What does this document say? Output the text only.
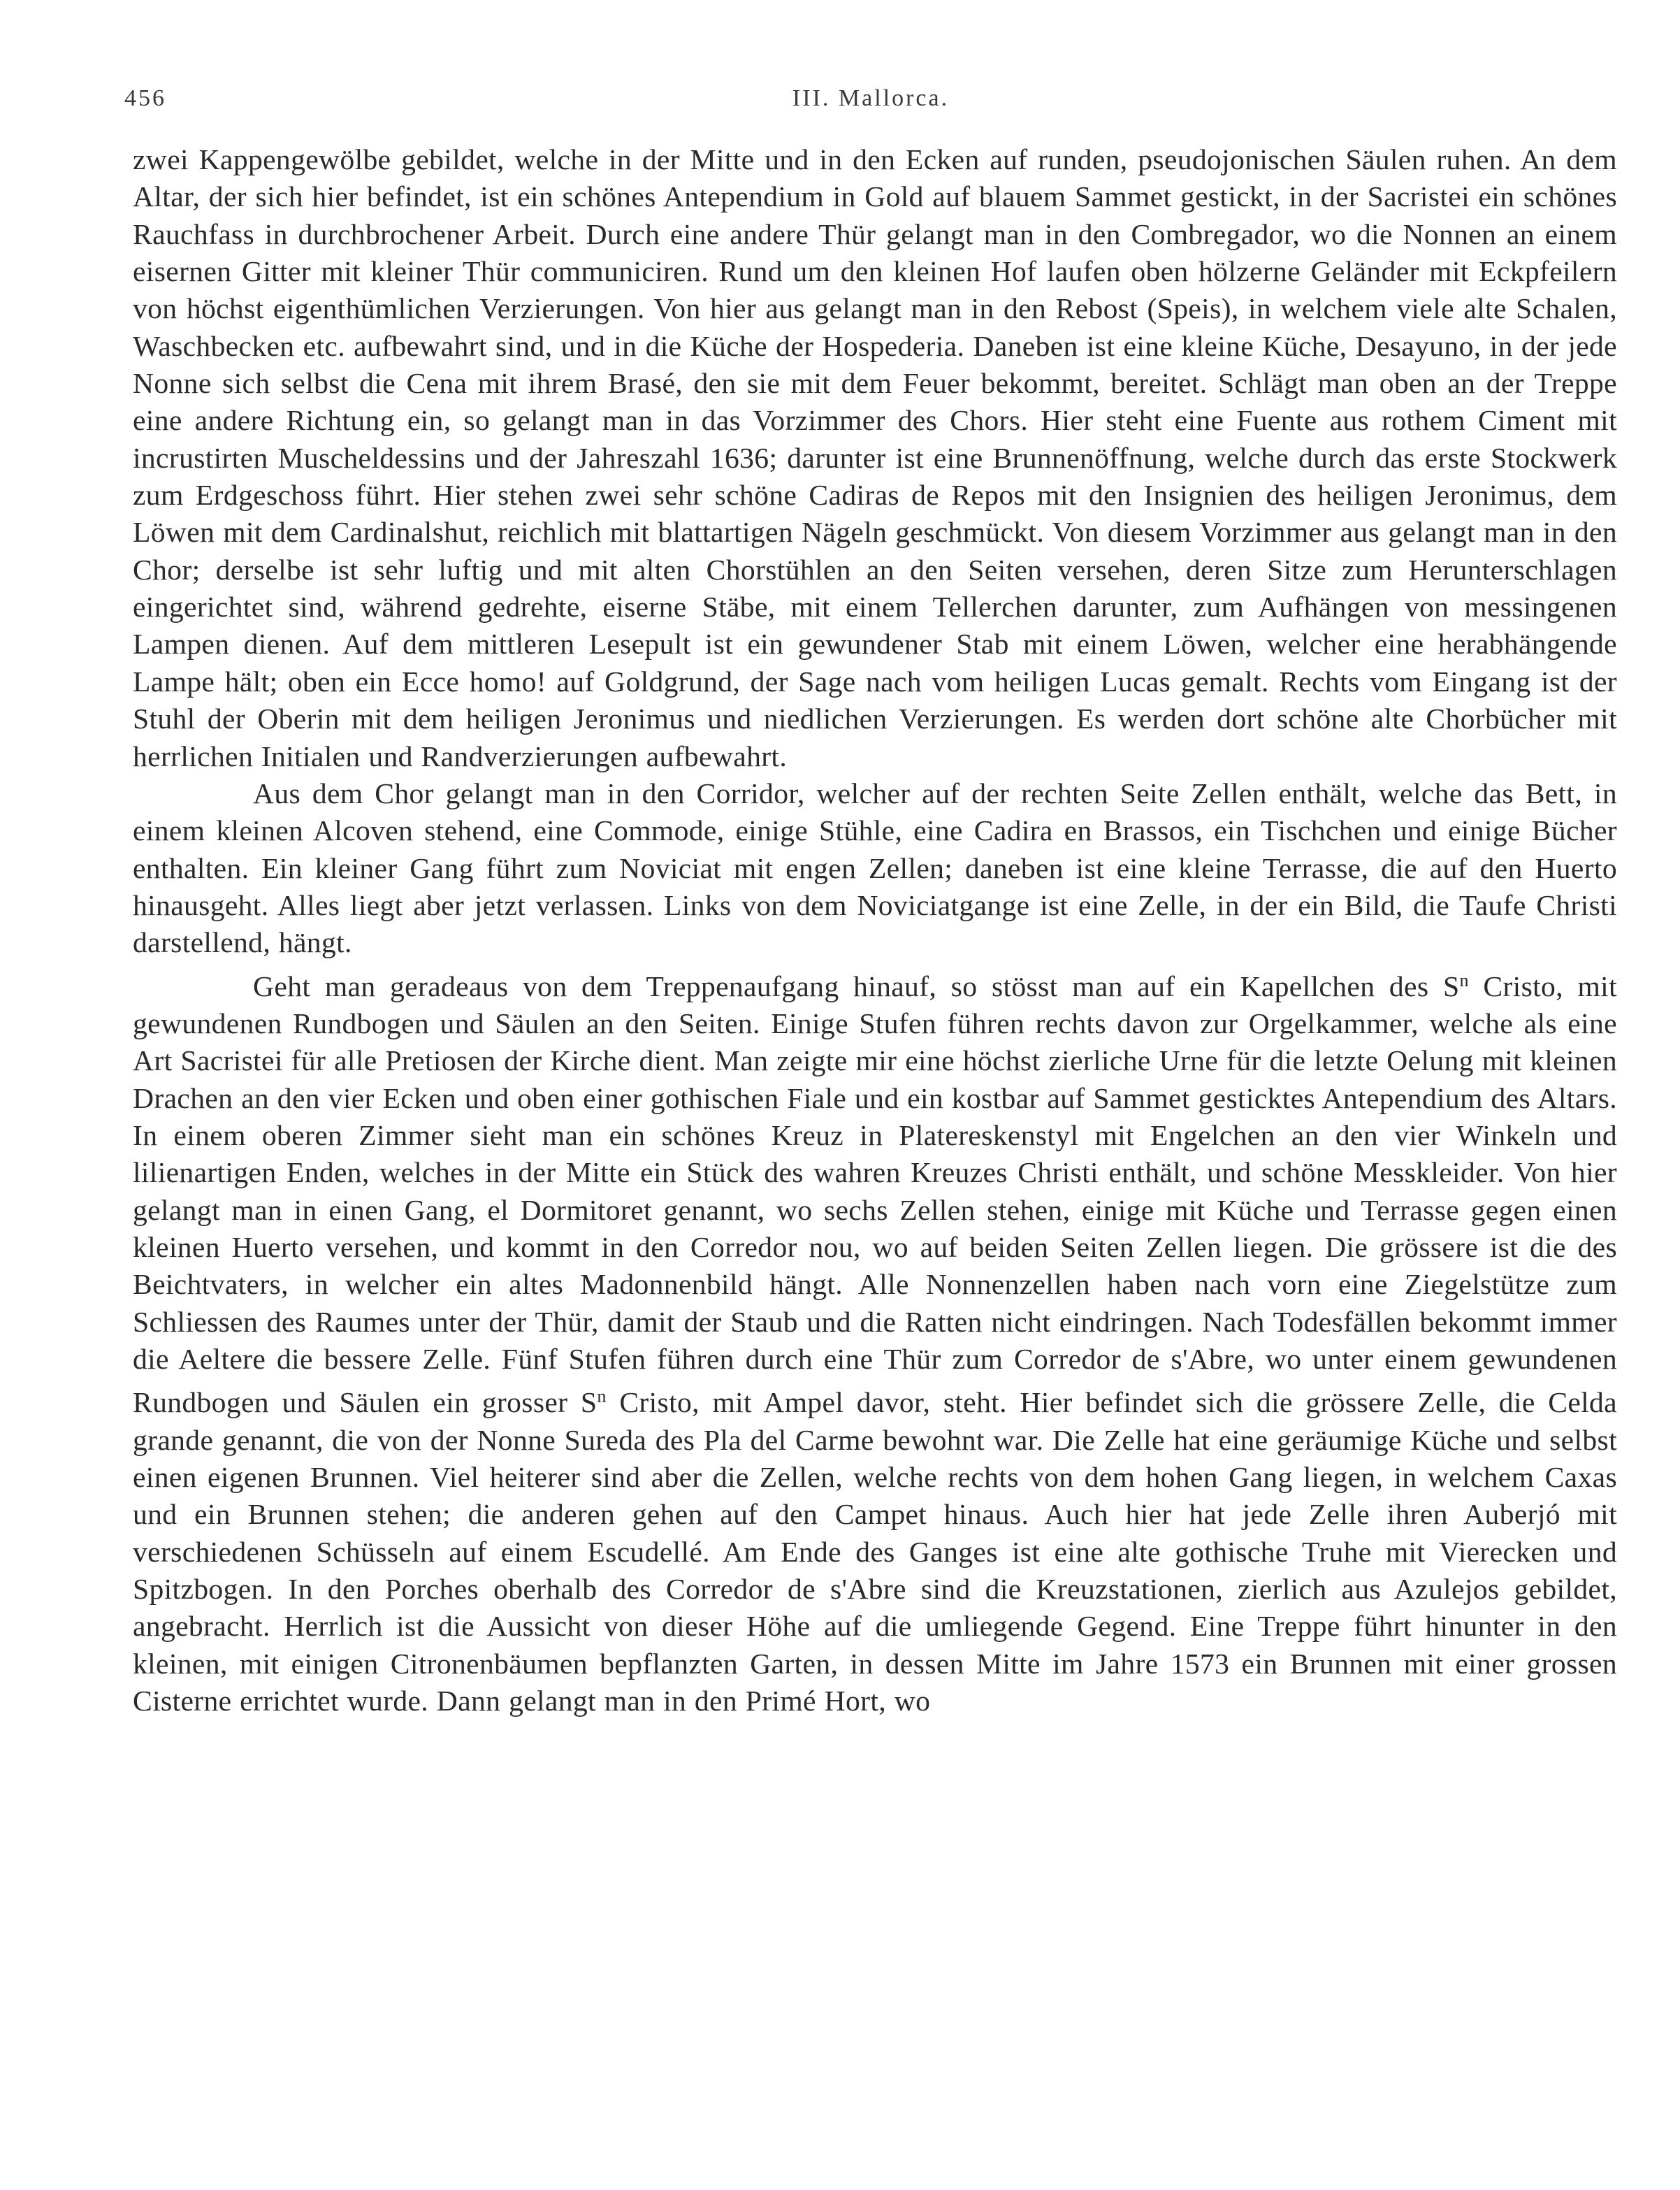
456	III. Mallorca.

zwei Kappengewölbe gebildet, welche in der Mitte und in den Ecken auf runden, pseudojonischen Säulen ruhen. An dem Altar, der sich hier befindet, ist ein schönes Antependium in Gold auf blauem Sammet gestickt, in der Sacristei ein schönes Rauchfass in durchbrochener Arbeit. Durch eine andere Thür gelangt man in den Combregador, wo die Nonnen an einem eisernen Gitter mit kleiner Thür communiciren. Rund um den kleinen Hof laufen oben hölzerne Geländer mit Eckpfeilern von höchst eigenthümlichen Verzierungen. Von hier aus gelangt man in den Rebost (Speis), in welchem viele alte Schalen, Waschbecken etc. aufbewahrt sind, und in die Küche der Hospederia. Daneben ist eine kleine Küche, Desayuno, in der jede Nonne sich selbst die Cena mit ihrem Brasé, den sie mit dem Feuer bekommt, bereitet. Schlägt man oben an der Treppe eine andere Richtung ein, so gelangt man in das Vorzimmer des Chors. Hier steht eine Fuente aus rothem Ciment mit incrustirten Muscheldessins und der Jahreszahl 1636; darunter ist eine Brunnenöffnung, welche durch das erste Stockwerk zum Erdgeschoss führt. Hier stehen zwei sehr schöne Cadiras de Repos mit den Insignien des heiligen Jeronimus, dem Löwen mit dem Cardinalshut, reichlich mit blattartigen Nägeln geschmückt. Von diesem Vorzimmer aus gelangt man in den Chor; derselbe ist sehr luftig und mit alten Chorstühlen an den Seiten versehen, deren Sitze zum Herunterschlagen eingerichtet sind, während gedrehte, eiserne Stäbe, mit einem Tellerchen darunter, zum Aufhängen von messingenen Lampen dienen. Auf dem mittleren Lesepult ist ein gewundener Stab mit einem Löwen, welcher eine herabhängende Lampe hält; oben ein Ecce homo! auf Goldgrund, der Sage nach vom heiligen Lucas gemalt. Rechts vom Eingang ist der Stuhl der Oberin mit dem heiligen Jeronimus und niedlichen Verzierungen. Es werden dort schöne alte Chorbücher mit herrlichen Initialen und Randverzierungen aufbewahrt.

Aus dem Chor gelangt man in den Corridor, welcher auf der rechten Seite Zellen enthält, welche das Bett, in einem kleinen Alcoven stehend, eine Commode, einige Stühle, eine Cadira en Brassos, ein Tischchen und einige Bücher enthalten. Ein kleiner Gang führt zum Noviciat mit engen Zellen; daneben ist eine kleine Terrasse, die auf den Huerto hinausgeht. Alles liegt aber jetzt verlassen. Links von dem Noviciatgange ist eine Zelle, in der ein Bild, die Taufe Christi darstellend, hängt.

Geht man geradeaus von dem Treppenaufgang hinauf, so stösst man auf ein Kapellchen des $S^n$ Cristo, mit gewundenen Rundbogen und Säulen an den Seiten. Einige Stufen führen rechts davon zur Orgelkammer, welche als eine Art Sacristei für alle Pretiosen der Kirche dient. Man zeigte mir eine höchst zierliche Urne für die letzte Oelung mit kleinen Drachen an den vier Ecken und oben einer gothischen Fiale und ein kostbar auf Sammet gesticktes Antependium des Altars. In einem oberen Zimmer sieht man ein schönes Kreuz in Platereskenstyl mit Engelchen an den vier Winkeln und lilienartigen Enden, welches in der Mitte ein Stück des wahren Kreuzes Christi enthält, und schöne Messkleider. Von hier gelangt man in einen Gang, el Dormitoret genannt, wo sechs Zellen stehen, einige mit Küche und Terrasse gegen einen kleinen Huerto versehen, und kommt in den Corredor nou, wo auf beiden Seiten Zellen liegen. Die grössere ist die des Beichtvaters, in welcher ein altes Madonnenbild hängt. Alle Nonnenzellen haben nach vorn eine Ziegelstütze zum Schliessen des Raumes unter der Thür, damit der Staub und die Ratten nicht eindringen. Nach Todesfällen bekommt immer die Aeltere die bessere Zelle. Fünf Stufen führen durch eine Thür zum Corredor de s'Abre, wo unter einem gewundenen Rundbogen und Säulen ein grosser $S^n$ Cristo, mit Ampel davor, steht. Hier befindet sich die grössere Zelle, die Celda grande genannt, die von der Nonne Sureda des Pla del Carme bewohnt war. Die Zelle hat eine geräumige Küche und selbst einen eigenen Brunnen. Viel heiterer sind aber die Zellen, welche rechts von dem hohen Gang liegen, in welchem Caxas und ein Brunnen stehen; die anderen gehen auf den Campet hinaus. Auch hier hat jede Zelle ihren Auberjó mit verschiedenen Schüsseln auf einem Escudellé. Am Ende des Ganges ist eine alte gothische Truhe mit Vierecken und Spitzbogen. In den Porches oberhalb des Corredor de s'Abre sind die Kreuzstationen, zierlich aus Azulejos gebildet, angebracht. Herrlich ist die Aussicht von dieser Höhe auf die umliegende Gegend. Eine Treppe führt hinunter in den kleinen, mit einigen Citronenbäumen bepflanzten Garten, in dessen Mitte im Jahre 1573 ein Brunnen mit einer grossen Cisterne errichtet wurde. Dann gelangt man in den Primé Hort, wo
